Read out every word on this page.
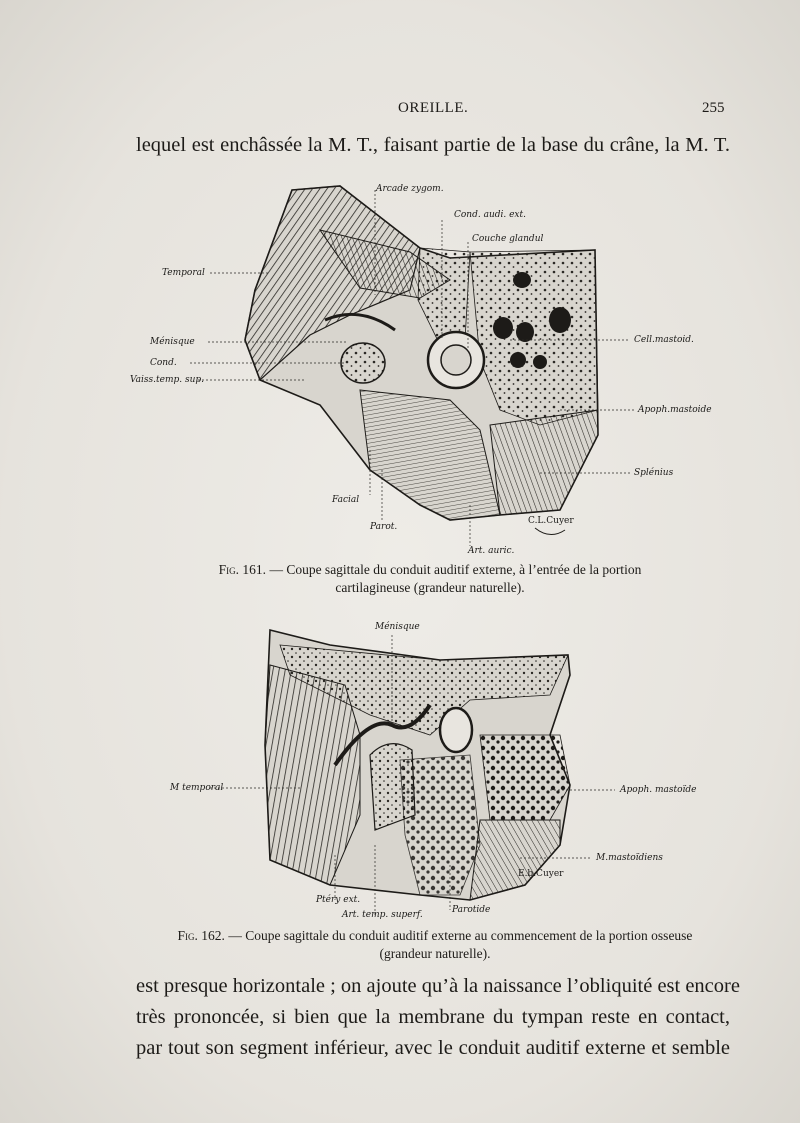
OREILLE.	255
lequel est enchâssée la M. T., faisant partie de la base du crâne, la M. T.
Arcade zygom.
Cond. audi. ext.
Couche glandul
Temporal
Ménisque
Cond.
Vaiss.temp. sup.
Cell.mastoid.
Apoph.mastoide
Splénius
Facial
Parot.
Art. auric.
C.L.Cuyer
Fig. 161. — Coupe sagittale du conduit auditif externe, à l’entrée de la portion
cartilagineuse (grandeur naturelle).
Ménisque
M temporal	Apoph. mastoïde
M.mastoïdiens
E.b.Cuyer
Ptéry ext.
Art. temp. superf.	Parotide
Fig. 162. — Coupe sagittale du conduit auditif externe au commencement de la portion osseuse
(grandeur naturelle).
est presque horizontale ; on ajoute qu’à la naissance l’obliquité est encore
très prononcée, si bien que la membrane du tympan reste en contact,
par tout son segment inférieur, avec le conduit auditif externe et semble
